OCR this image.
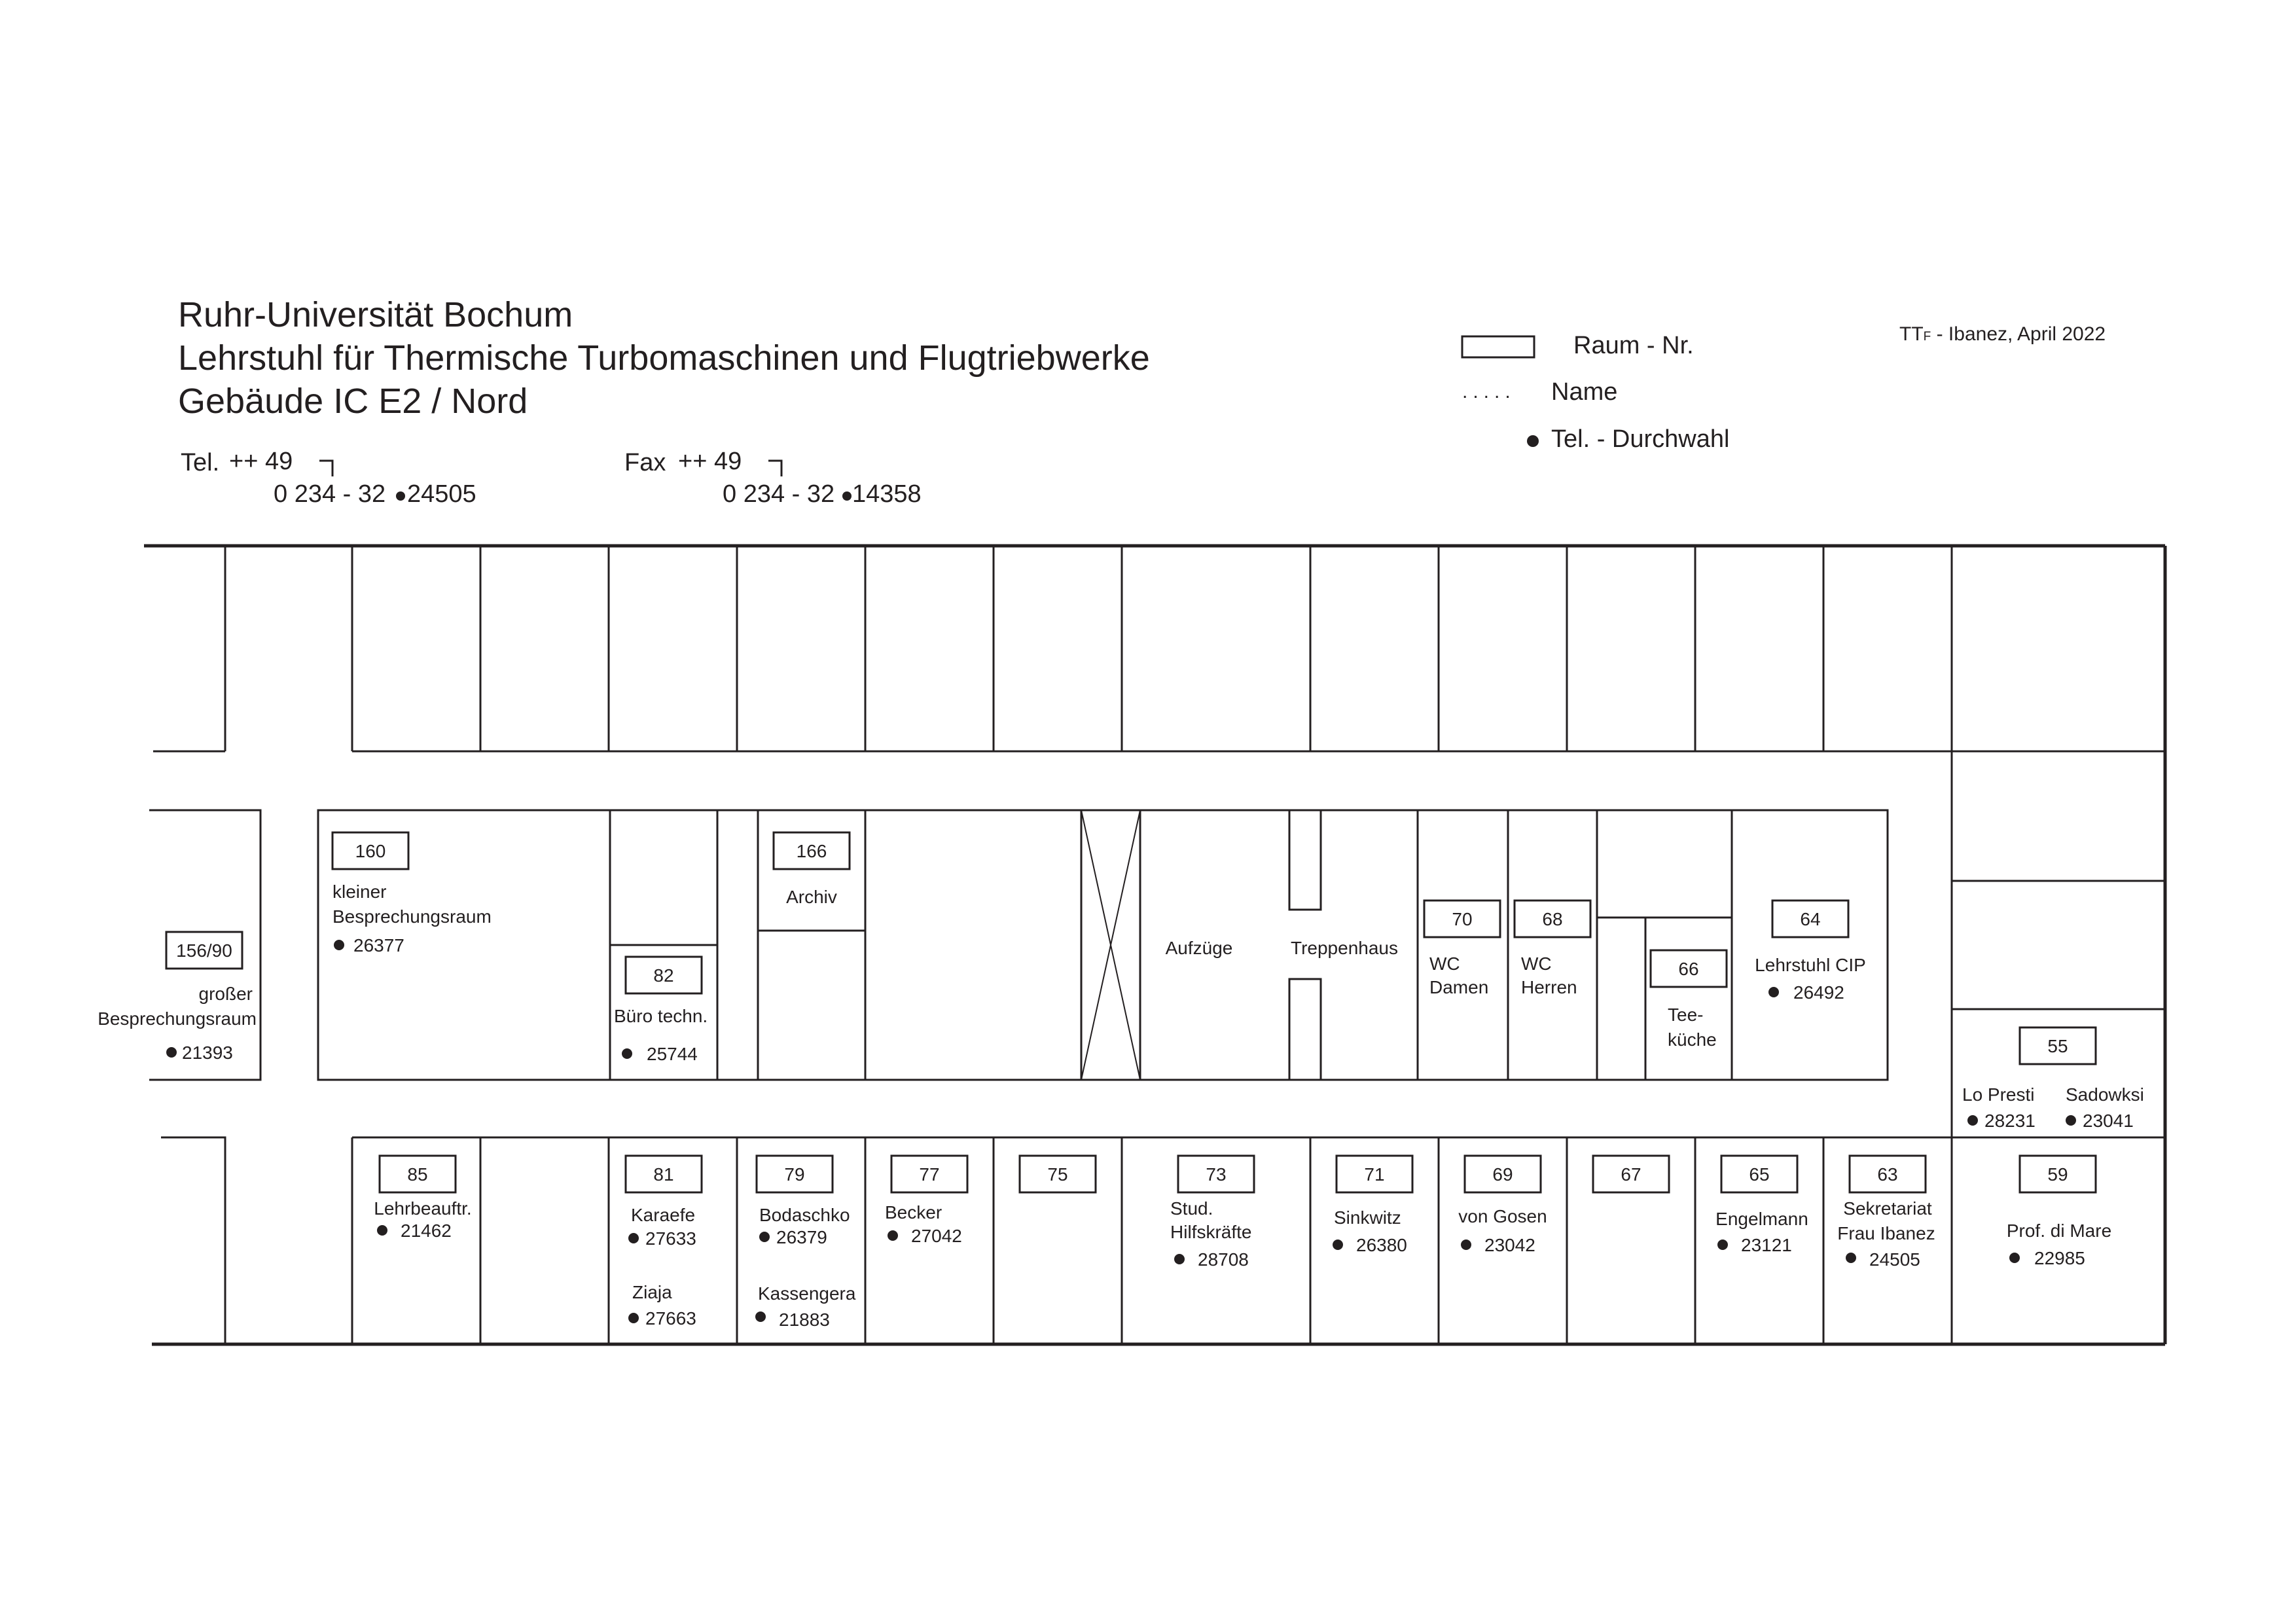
Ruhr-Universität Bochum
Lehrstuhl für Thermische Turbomaschinen und Flugtriebwerke
Gebäude IC E2 / Nord
Tel. ++ 49
0 234 - 32 24505
Fax ++ 49
0 234 - 32 14358
Raum - Nr.
..... Name
Tel. - Durchwahl
TTF - Ibanez, April 2022
160
kleiner
Besprechungsraum
26377
156/90
großer
Besprechungsraum
21393
82
Büro techn.
25744
166
Archiv
Aufzüge	Treppenhaus
70
WC
Damen
68
WC
Herren
66
Tee-
küche
64
Lehrstuhl CIP
26492
55
Lo Presti Sadowksi
28231	23041
85
Lehrbeauftr.
21462
81
Karaefe
27633
Ziaja
27663
79
Bodaschko
26379
Kassengera
21883
77
Becker
27042
75	73
Stud.
Hilfskräfte
28708
71
Sinkwitz
26380
69
von Gosen
23042
67	65
Engelmann
23121
63
Sekretariat
Frau Ibanez
24505
59
Prof. di Mare
22985
